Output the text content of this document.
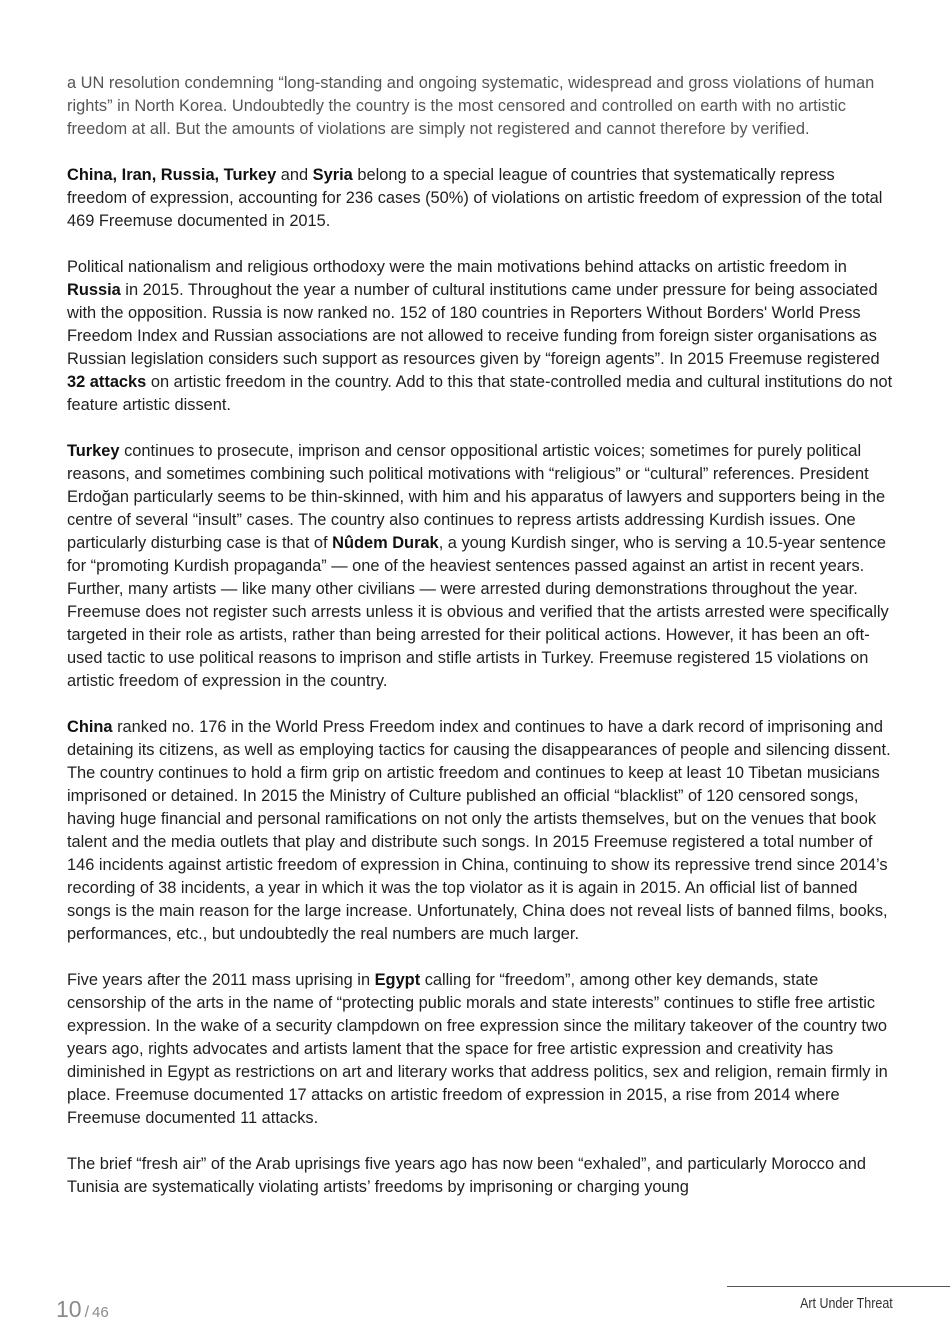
a UN resolution condemning “long-standing and ongoing systematic, widespread and gross violations of human rights” in North Korea. Undoubtedly the country is the most censored and controlled on earth with no artistic freedom at all. But the amounts of violations are simply not registered and cannot therefore by verified.

China, Iran, Russia, Turkey and Syria belong to a special league of countries that systematically repress freedom of expression, accounting for 236 cases (50%) of violations on artistic freedom of expression of the total 469 Freemuse documented in 2015.

Political nationalism and religious orthodoxy were the main motivations behind attacks on artistic freedom in Russia in 2015. Throughout the year a number of cultural institutions came under pressure for being associated with the opposition. Russia is now ranked no. 152 of 180 countries in Reporters Without Borders' World Press Freedom Index and Russian associations are not allowed to receive funding from foreign sister organisations as Russian legislation considers such support as resources given by “foreign agents”. In 2015 Freemuse registered 32 attacks on artistic freedom in the country. Add to this that state-controlled media and cultural institutions do not feature artistic dissent.

Turkey continues to prosecute, imprison and censor oppositional artistic voices; sometimes for purely political reasons, and sometimes combining such political motivations with “religious” or “cultural” references. President Erdoğan particularly seems to be thin-skinned, with him and his apparatus of lawyers and supporters being in the centre of several “insult” cases. The country also continues to repress artists addressing Kurdish issues. One particularly disturbing case is that of Nûdem Durak, a young Kurdish singer, who is serving a 10.5-year sentence for “promoting Kurdish propaganda” — one of the heaviest sentences passed against an artist in recent years. Further, many artists — like many other civilians — were arrested during demonstrations throughout the year. Freemuse does not register such arrests unless it is obvious and verified that the artists arrested were specifically targeted in their role as artists, rather than being arrested for their political actions. However, it has been an oft-used tactic to use political reasons to imprison and stifle artists in Turkey. Freemuse registered 15 violations on artistic freedom of expression in the country.

China ranked no. 176 in the World Press Freedom index and continues to have a dark record of imprisoning and detaining its citizens, as well as employing tactics for causing the disappearances of people and silencing dissent. The country continues to hold a firm grip on artistic freedom and continues to keep at least 10 Tibetan musicians imprisoned or detained. In 2015 the Ministry of Culture published an official “blacklist” of 120 censored songs, having huge financial and personal ramifications on not only the artists themselves, but on the venues that book talent and the media outlets that play and distribute such songs. In 2015 Freemuse registered a total number of 146 incidents against artistic freedom of expression in China, continuing to show its repressive trend since 2014’s recording of 38 incidents, a year in which it was the top violator as it is again in 2015. An official list of banned songs is the main reason for the large increase. Unfortunately, China does not reveal lists of banned films, books, performances, etc., but undoubtedly the real numbers are much larger.

Five years after the 2011 mass uprising in Egypt calling for “freedom”, among other key demands, state censorship of the arts in the name of “protecting public morals and state interests” continues to stifle free artistic expression. In the wake of a security clampdown on free expression since the military takeover of the country two years ago, rights advocates and artists lament that the space for free artistic expression and creativity has diminished in Egypt as restrictions on art and literary works that address politics, sex and religion, remain firmly in place. Freemuse documented 17 attacks on artistic freedom of expression in 2015, a rise from 2014 where Freemuse documented 11 attacks.

The brief “fresh air” of the Arab uprisings five years ago has now been “exhaled”, and particularly Morocco and Tunisia are systematically violating artists’ freedoms by imprisoning or charging young

10 / 46	Art Under Threat
